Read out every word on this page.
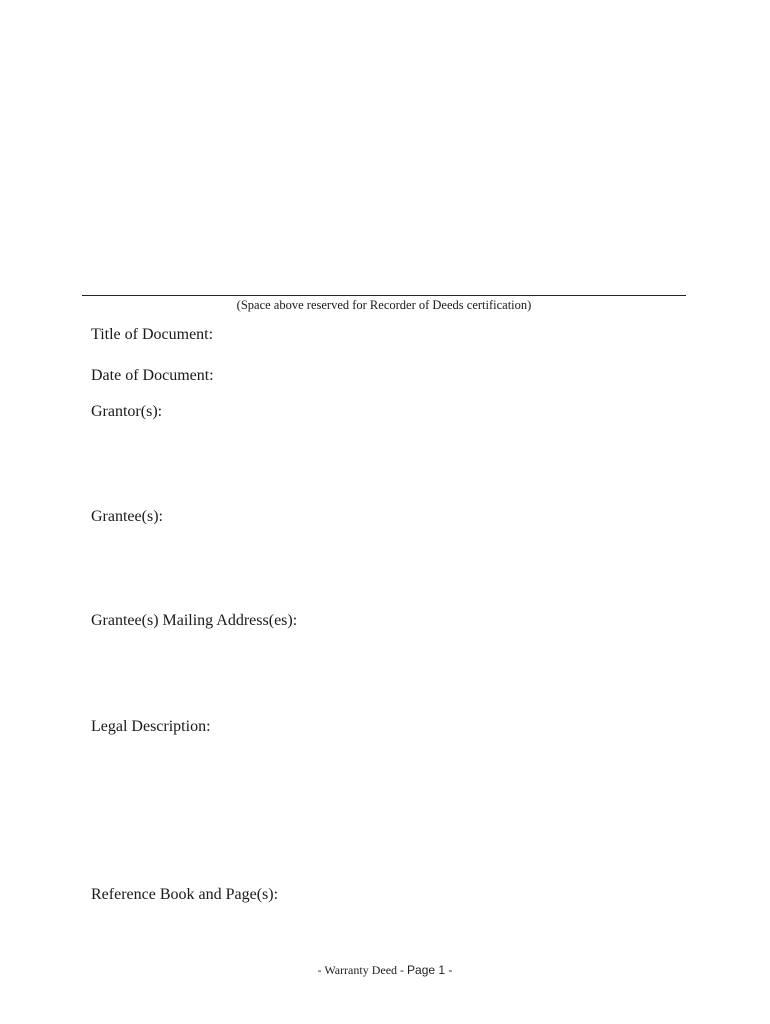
(Space above reserved for Recorder of Deeds certification)
Title of Document:
Date of Document:
Grantor(s):
Grantee(s):
Grantee(s) Mailing Address(es):
Legal Description:
Reference Book and Page(s):
- Warranty Deed - Page 1 -
